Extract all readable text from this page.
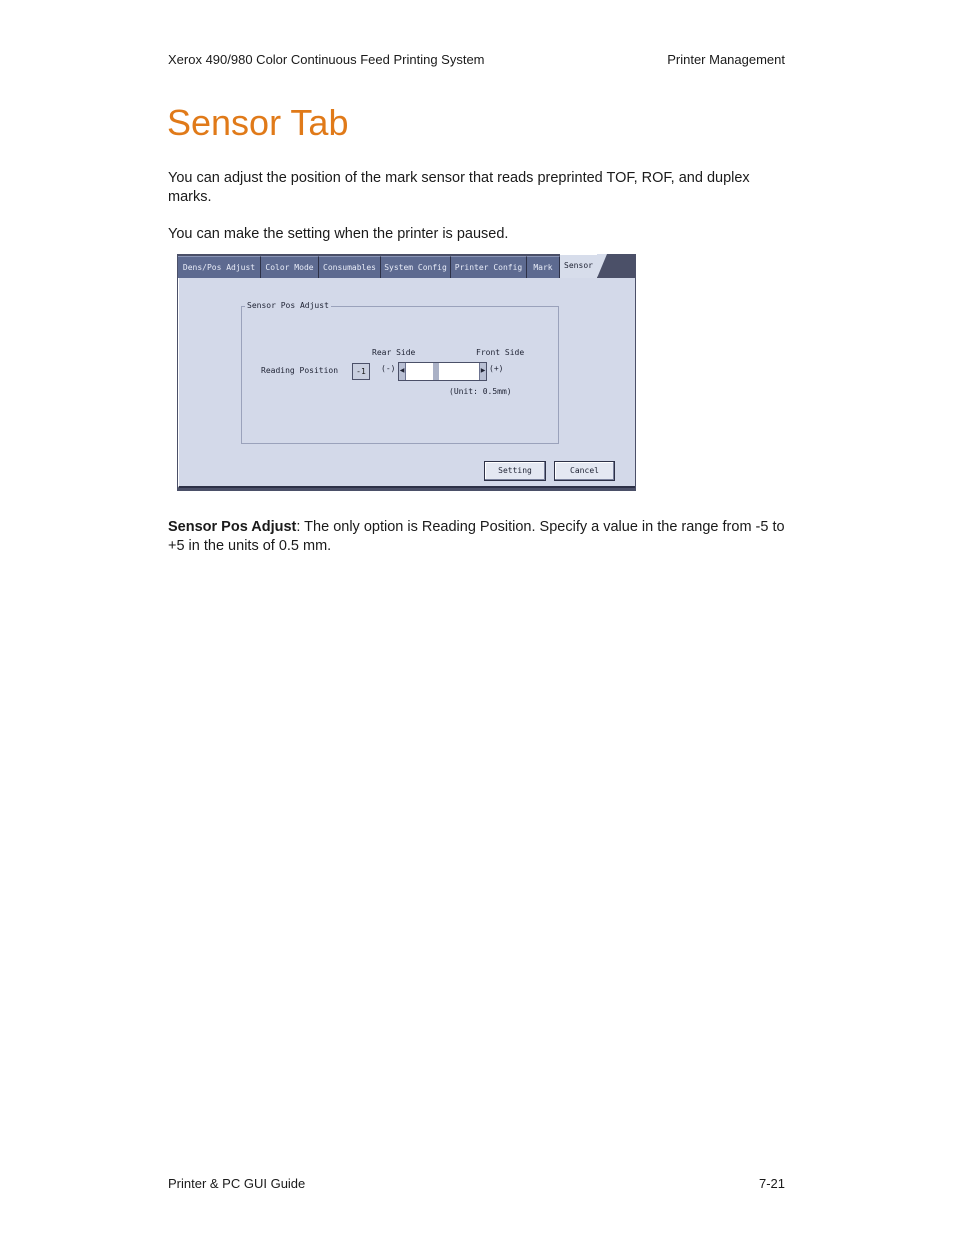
Xerox 490/980 Color Continuous Feed Printing System	Printer Management
Sensor Tab

You can adjust the position of the mark sensor that reads preprinted TOF, ROF, and duplex marks.

You can make the setting when the printer is paused.

Dens/Pos Adjust	Color Mode	Consumables	System Config Printer Config	Mark	Sensor
Sensor Pos Adjust
Rear Side	Front Side
Reading Position	(-)	(+)
(Unit: 0.5mm)
-1	◀	▶
Setting	Cancel

Sensor Pos Adjust: The only option is Reading Position. Specify a value in the range from -5 to +5 in the units of 0.5 mm.

Printer & PC GUI Guide	7-21
